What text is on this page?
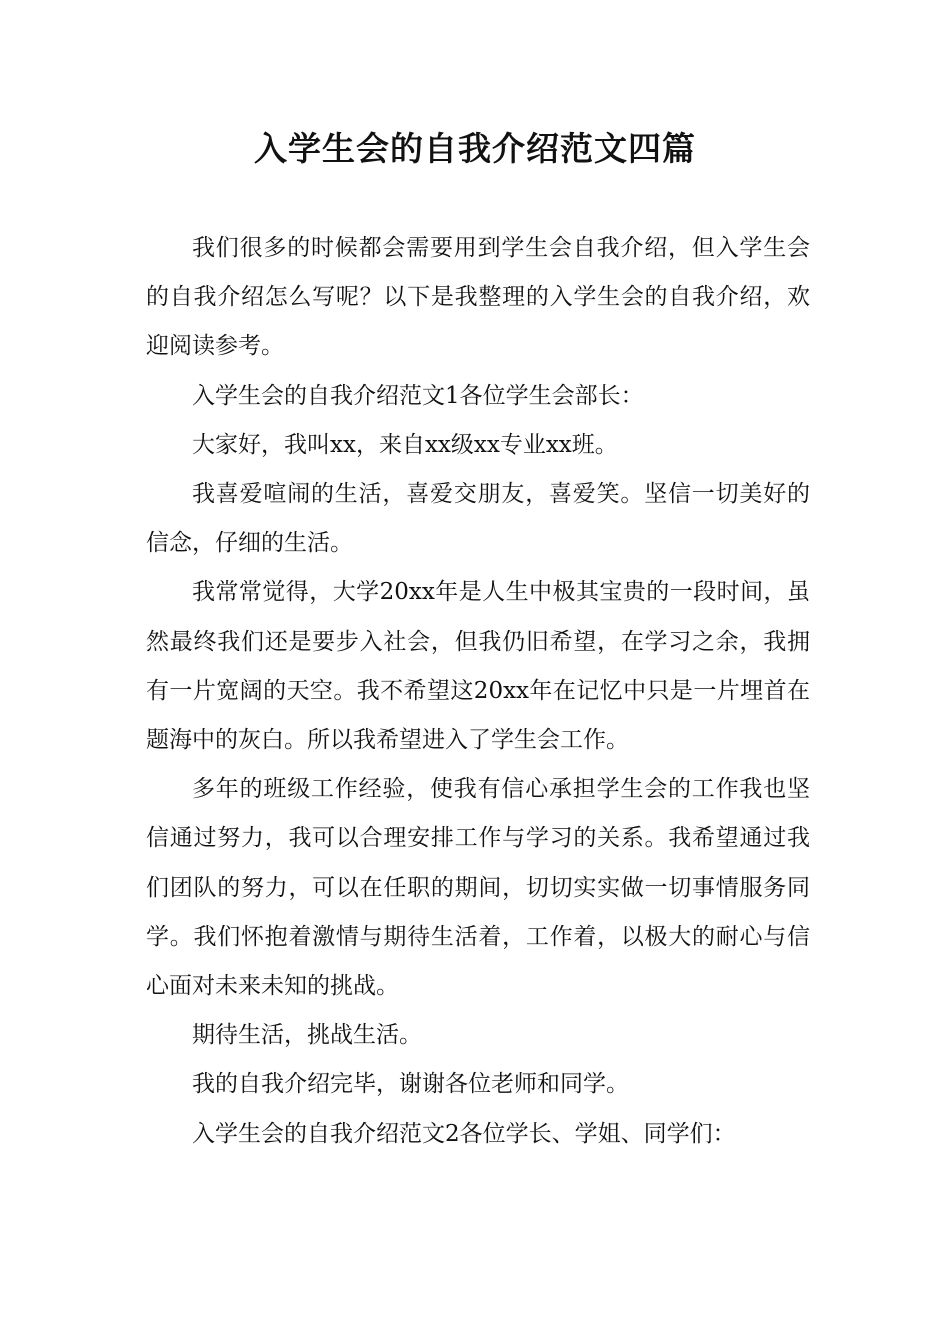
入学生会的自我介绍范文四篇

我们很多的时候都会需要用到学生会自我介绍，但入学生会的自我介绍怎么写呢？以下是我整理的入学生会的自我介绍，欢迎阅读参考。

入学生会的自我介绍范文1各位学生会部长：

大家好，我叫xx，来自xx级xx专业xx班。

我喜爱喧闹的生活，喜爱交朋友，喜爱笑。坚信一切美好的信念，仔细的生活。

我常常觉得，大学20xx年是人生中极其宝贵的一段时间，虽然最终我们还是要步入社会，但我仍旧希望，在学习之余，我拥有一片宽阔的天空。我不希望这20xx年在记忆中只是一片埋首在题海中的灰白。所以我希望进入了学生会工作。

多年的班级工作经验，使我有信心承担学生会的工作我也坚信通过努力，我可以合理安排工作与学习的关系。我希望通过我们团队的努力，可以在任职的期间，切切实实做一切事情服务同学。我们怀抱着激情与期待生活着，工作着，以极大的耐心与信心面对未来未知的挑战。

期待生活，挑战生活。

我的自我介绍完毕，谢谢各位老师和同学。

入学生会的自我介绍范文2各位学长、学姐、同学们：
